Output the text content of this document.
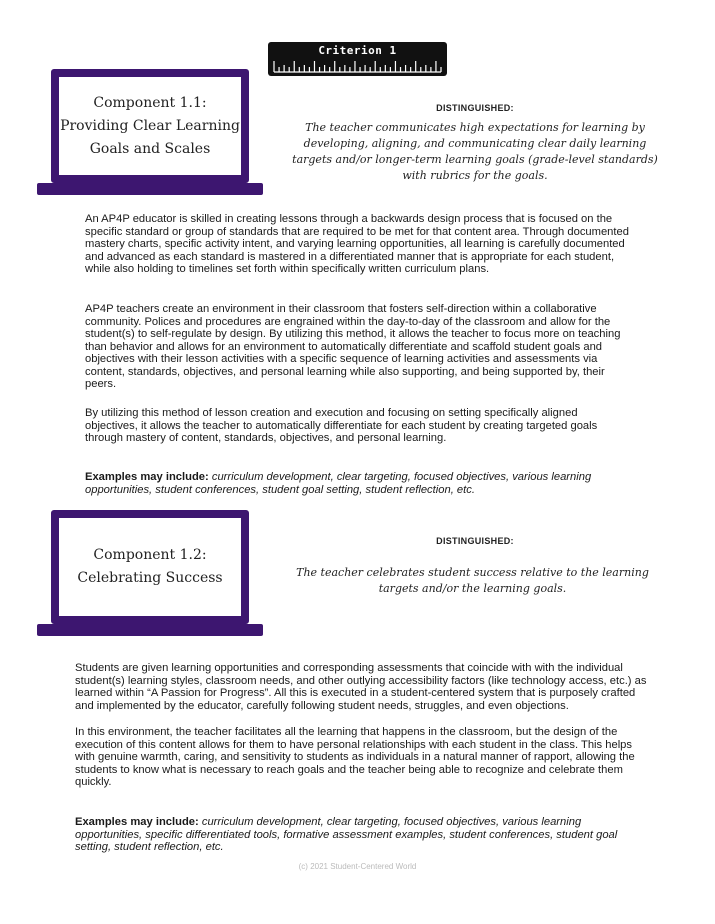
Criterion 1
Component 1.1:
Providing Clear Learning
Goals and Scales
DISTINGUISHED:
The teacher communicates high expectations for learning by developing, aligning, and communicating clear daily learning targets and/or longer-term learning goals (grade-level standards) with rubrics for the goals.

An AP4P educator is skilled in creating lessons through a backwards design process that is focused on the specific standard or group of standards that are required to be met for that content area. Through documented mastery charts, specific activity intent, and varying learning opportunities, all learning is carefully documented and advanced as each standard is mastered in a differentiated manner that is appropriate for each student, while also holding to timelines set forth within specifically written curriculum plans.

AP4P teachers create an environment in their classroom that fosters self-direction within a collaborative community. Polices and procedures are engrained within the day-to-day of the classroom and allow for the student(s) to self-regulate by design. By utilizing this method, it allows the teacher to focus more on teaching than behavior and allows for an environment to automatically differentiate and scaffold student goals and objectives with their lesson activities with a specific sequence of learning activities and assessments via content, standards, objectives, and personal learning while also supporting, and being supported by, their peers.

By utilizing this method of lesson creation and execution and focusing on setting specifically aligned objectives, it allows the teacher to automatically differentiate for each student by creating targeted goals through mastery of content, standards, objectives, and personal learning.

Examples may include: curriculum development, clear targeting, focused objectives, various learning opportunities, student conferences, student goal setting, student reflection, etc.

Component 1.2:
Celebrating Success
DISTINGUISHED:
The teacher celebrates student success relative to the learning targets and/or the learning goals.

Students are given learning opportunities and corresponding assessments that coincide with with the individual student(s) learning styles, classroom needs, and other outlying accessibility factors (like technology access, etc.) as learned within “A Passion for Progress”. All this is executed in a student-centered system that is purposely crafted and implemented by the educator, carefully following student needs, struggles, and even objections.

In this environment, the teacher facilitates all the learning that happens in the classroom, but the design of the execution of this content allows for them to have personal relationships with each student in the class. This helps with genuine warmth, caring, and sensitivity to students as individuals in a natural manner of rapport, allowing the students to know what is necessary to reach goals and the teacher being able to recognize and celebrate them quickly.

Examples may include: curriculum development, clear targeting, focused objectives, various learning opportunities, specific differentiated tools, formative assessment examples, student conferences, student goal setting, student reflection, etc.

(c) 2021 Student-Centered World
